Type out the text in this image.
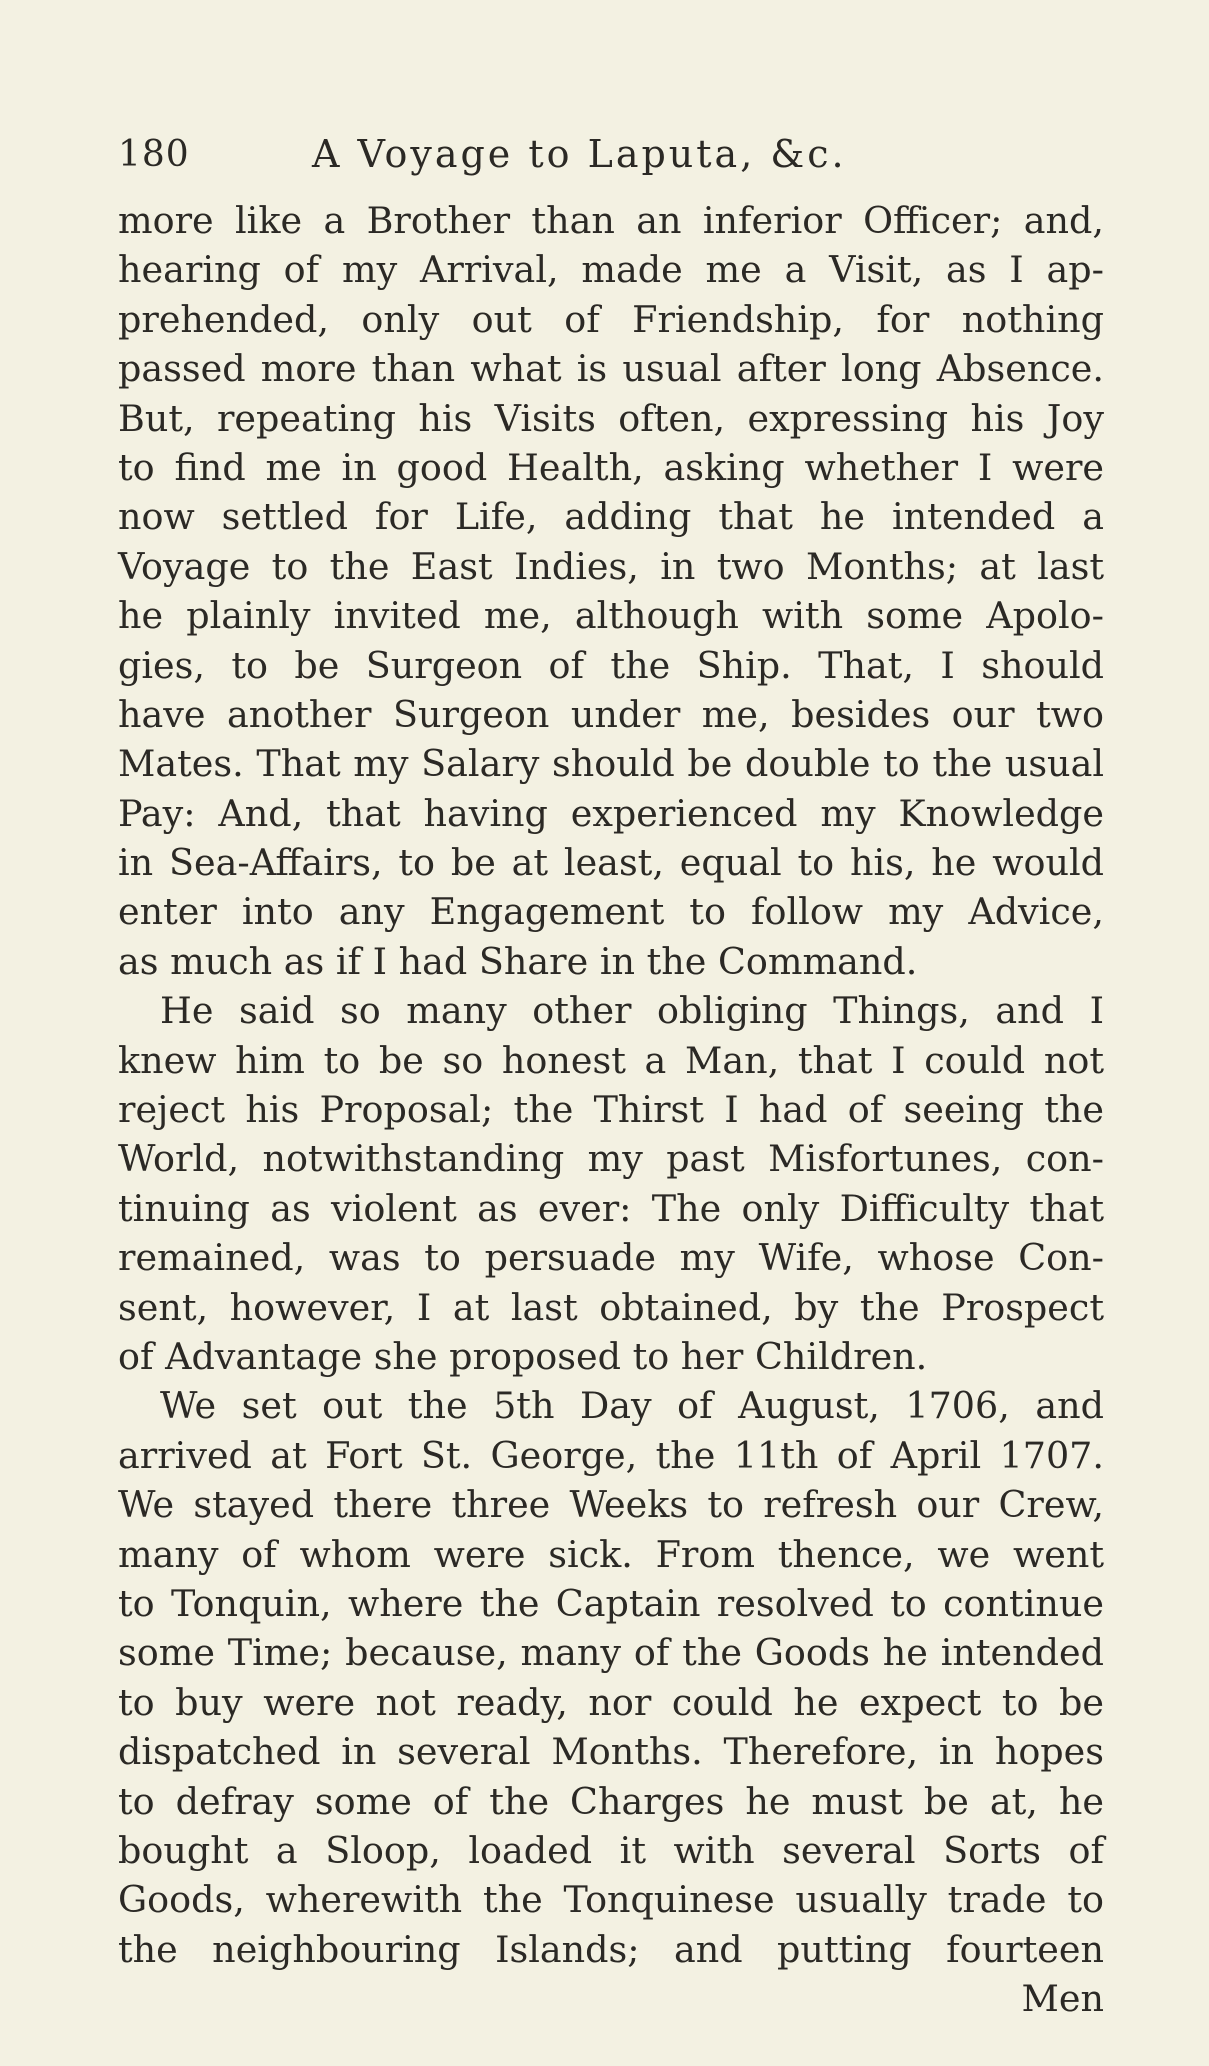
180	A Voyage to Laputa, &c.
more like a Brother than an inferior Officer; and,
hearing of my Arrival, made me a Visit, as I ap-
prehended, only out of Friendship, for nothing
passed more than what is usual after long Absence.
But, repeating his Visits often, expressing his Joy
to find me in good Health, asking whether I were
now settled for Life, adding that he intended a
Voyage to the East Indies, in two Months; at last
he plainly invited me, although with some Apolo-
gies, to be Surgeon of the Ship. That, I should
have another Surgeon under me, besides our two
Mates. That my Salary should be double to the usual
Pay: And, that having experienced my Knowledge
in Sea-Affairs, to be at least, equal to his, he would
enter into any Engagement to follow my Advice,
as much as if I had Share in the Command.
He said so many other obliging Things, and I
knew him to be so honest a Man, that I could not
reject his Proposal; the Thirst I had of seeing the
World, notwithstanding my past Misfortunes, con-
tinuing as violent as ever: The only Difficulty that
remained, was to persuade my Wife, whose Con-
sent, however, I at last obtained, by the Prospect
of Advantage she proposed to her Children.
We set out the 5th Day of August, 1706, and
arrived at Fort St. George, the 11th of April 1707.
We stayed there three Weeks to refresh our Crew,
many of whom were sick. From thence, we went
to Tonquin, where the Captain resolved to continue
some Time; because, many of the Goods he intended
to buy were not ready, nor could he expect to be
dispatched in several Months. Therefore, in hopes
to defray some of the Charges he must be at, he
bought a Sloop, loaded it with several Sorts of
Goods, wherewith the Tonquinese usually trade to
the neighbouring Islands; and putting fourteen
Men
